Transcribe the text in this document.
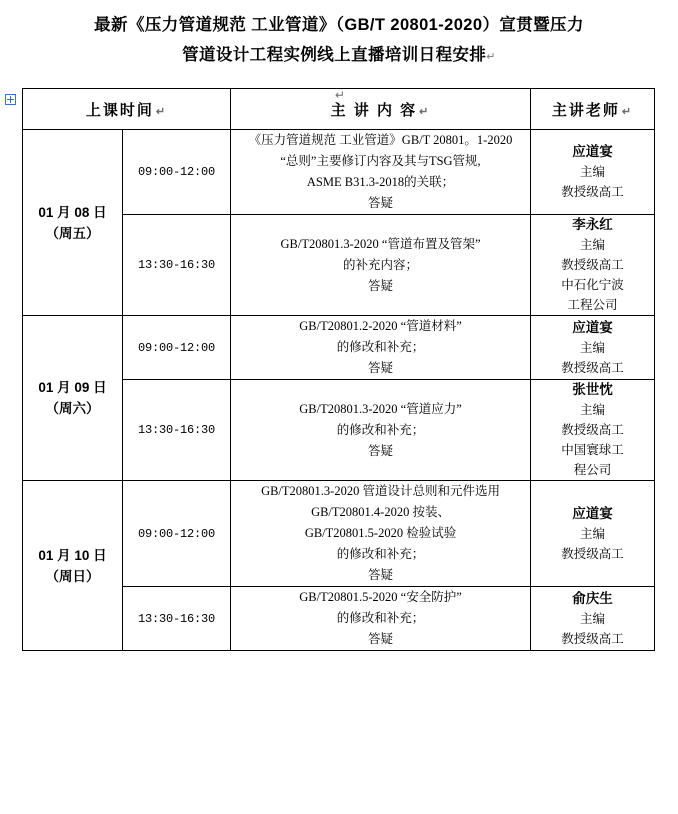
最新《压力管道规范 工业管道》（GB/T 20801-2020）宣贯暨压力
管道设计工程实例线上直播培训日程安排↵
↵
上课时间 ↵		主 讲 内 容 ↵	主讲老师 ↵

01 月 08 日
（周五）	09:00-12:00	《压力管道规范 工业管道》GB/T 20801。1-2020
“总则”主要修订内容及其与TSG管规,
ASME B31.3-2018的关联；
答疑	应道宴
主编
教授级高工

	13:30-16:30	GB/T20801.3-2020 “管道布置及管架”
的补充内容；
答疑	李永红
主编
教授级高工
中石化宁波
工程公司

01 月 09 日
（周六）	09:00-12:00	GB/T20801.2-2020 “管道材料”
的修改和补充；
答疑	应道宴
主编
教授级高工

	13:30-16:30	GB/T20801.3-2020 “管道应力”
的修改和补充；
答疑	张世忱
主编
教授级高工
中国寰球工
程公司

01 月 10 日
（周日）	09:00-12:00	GB/T20801.3-2020 管道设计总则和元件选用
GB/T20801.4-2020 按装、
GB/T20801.5-2020 检验试验
的修改和补充；
答疑	应道宴
主编
教授级高工

	13:30-16:30	GB/T20801.5-2020 “安全防护”
的修改和补充；
答疑	俞庆生
主编
教授级高工
